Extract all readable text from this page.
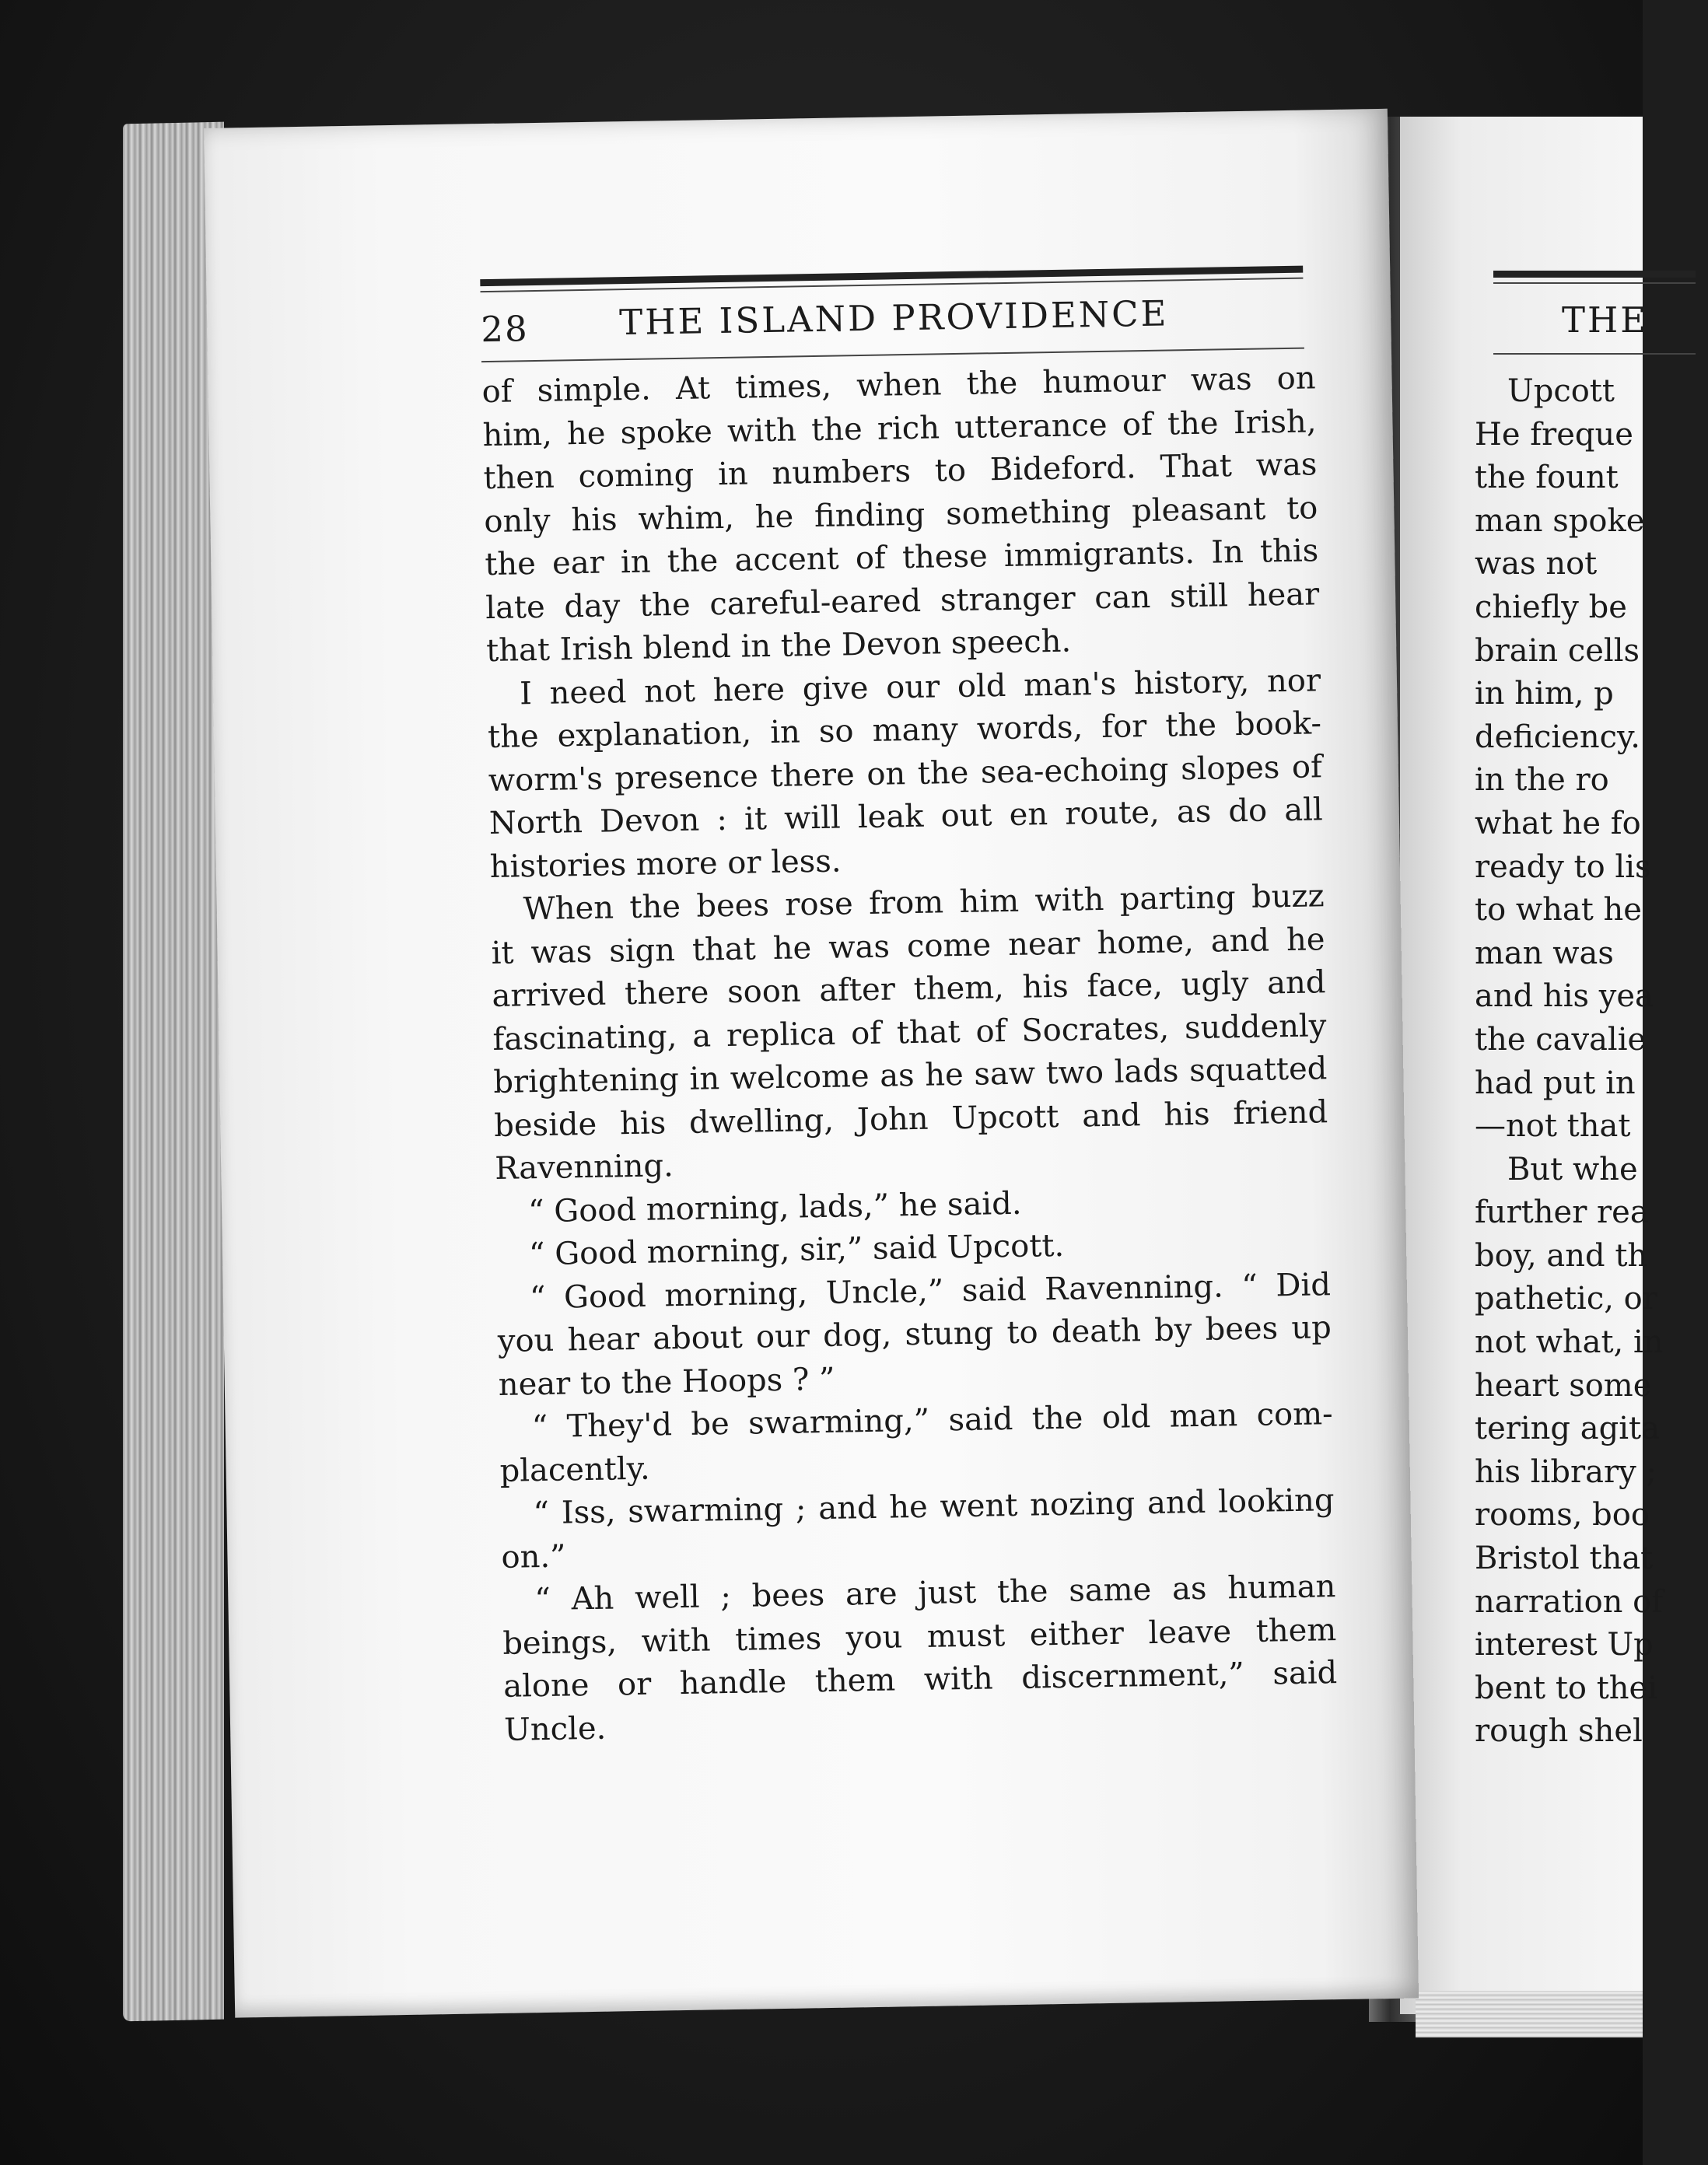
THE
Upcott
He freque
the fount
man spoke
was not
chiefly be
brain cells
in him, p
deficiency.
in the ro
what he fo
ready to lis
to what he
man was
and his yea
the cavalie
had put in
—not that
But whe
further rea
boy, and th
pathetic, or
not what, in
heart some
tering agita
his library ;
rooms, boo
Bristol that
narration of
interest Up
bent to thei
rough shel
28	THE ISLAND PROVIDENCE
of simple. At times, when the humour was on
him, he spoke with the rich utterance of the Irish,
then coming in numbers to Bideford. That was
only his whim, he finding something pleasant to
the ear in the accent of these immigrants. In this
late day the careful-eared stranger can still hear
that Irish blend in the Devon speech.
I need not here give our old man's history, nor
the explanation, in so many words, for the book-
worm's presence there on the sea-echoing slopes of
North Devon : it will leak out en route, as do all
histories more or less.
When the bees rose from him with parting buzz
it was sign that he was come near home, and he
arrived there soon after them, his face, ugly and
fascinating, a replica of that of Socrates, suddenly
brightening in welcome as he saw two lads squatted
beside his dwelling, John Upcott and his friend
Ravenning.
“ Good morning, lads,” he said.
“ Good morning, sir,” said Upcott.
“ Good morning, Uncle,” said Ravenning. “ Did
you hear about our dog, stung to death by bees up
near to the Hoops ? ”
“ They'd be swarming,” said the old man com-
placently.
“ Iss, swarming ; and he went nozing and looking
on.”
“ Ah well ; bees are just the same as human
beings, with times you must either leave them
alone or handle them with discernment,” said
Uncle.
